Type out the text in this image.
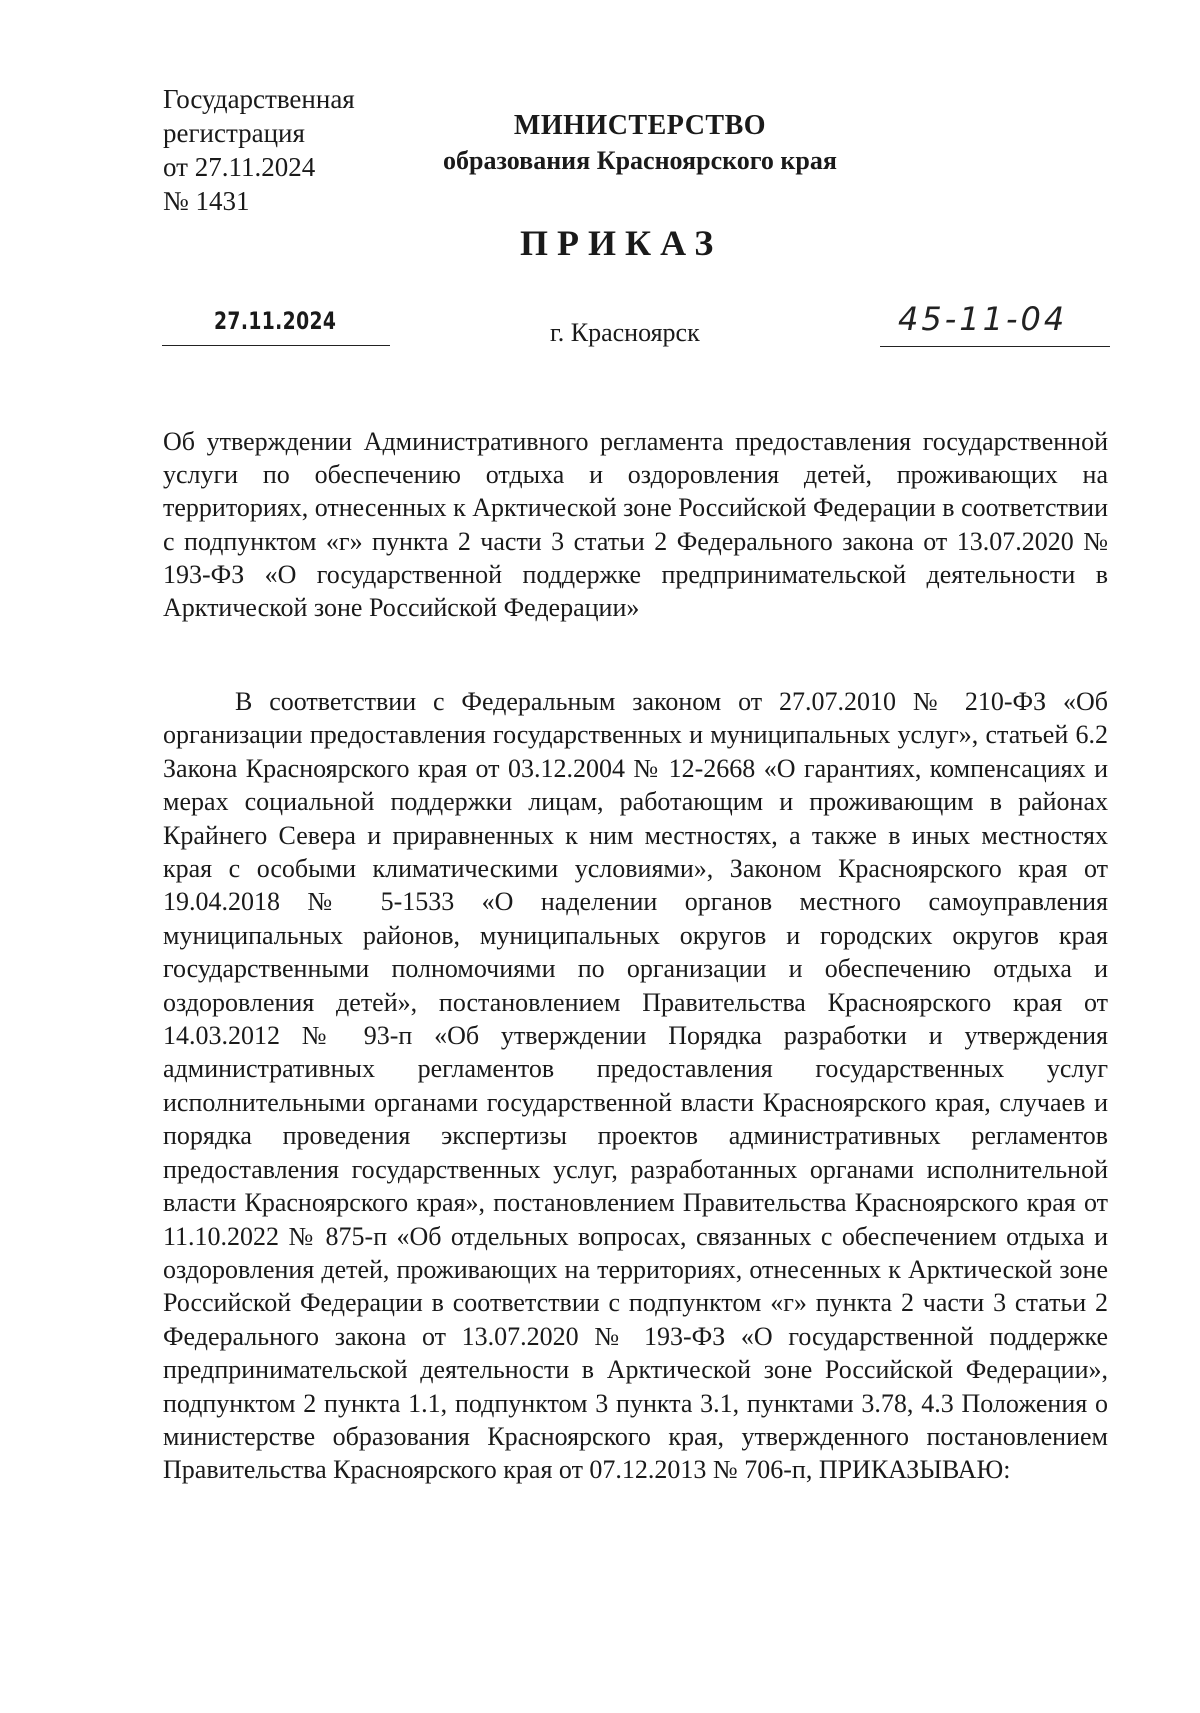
Государственная
регистрация
от 27.11.2024
№ 1431
МИНИСТЕРСТВО
образования Красноярского края
ПРИКАЗ
27.11.2024	г. Красноярск	45-11-04
Об утверждении Административного регламента предоставления государственной услуги по обеспечению отдыха и оздоровления детей, проживающих на территориях, отнесенных к Арктической зоне Российской Федерации в соответствии с подпунктом «г» пункта 2 части 3 статьи 2 Федерального закона от 13.07.2020 № 193-ФЗ «О государственной поддержке предпринимательской деятельности в Арктической зоне Российской Федерации»
В соответствии с Федеральным законом от 27.07.2010 № 210-ФЗ «Об организации предоставления государственных и муниципальных услуг», статьей 6.2 Закона Красноярского края от 03.12.2004 № 12-2668 «О гарантиях, компенсациях и мерах социальной поддержки лицам, работающим и проживающим в районах Крайнего Севера и приравненных к ним местностях, а также в иных местностях края с особыми климатическими условиями», Законом Красноярского края от 19.04.2018 № 5-1533 «О наделении органов местного самоуправления муниципальных районов, муниципальных округов и городских округов края государственными полномочиями по организации и обеспечению отдыха и оздоровления детей», постановлением Правительства Красноярского края от 14.03.2012 № 93-п «Об утверждении Порядка разработки и утверждения административных регламентов предоставления государственных услуг исполнительными органами государственной власти Красноярского края, случаев и порядка проведения экспертизы проектов административных регламентов предоставления государственных услуг, разработанных органами исполнительной власти Красноярского края», постановлением Правительства Красноярского края от 11.10.2022 № 875-п «Об отдельных вопросах, связанных с обеспечением отдыха и оздоровления детей, проживающих на территориях, отнесенных к Арктической зоне Российской Федерации в соответствии с подпунктом «г» пункта 2 части 3 статьи 2 Федерального закона от 13.07.2020 № 193-ФЗ «О государственной поддержке предпринимательской деятельности в Арктической зоне Российской Федерации», подпунктом 2 пункта 1.1, подпунктом 3 пункта 3.1, пунктами 3.78, 4.3 Положения о министерстве образования Красноярского края, утвержденного постановлением Правительства Красноярского края от 07.12.2013 № 706-п, ПРИКАЗЫВАЮ:
